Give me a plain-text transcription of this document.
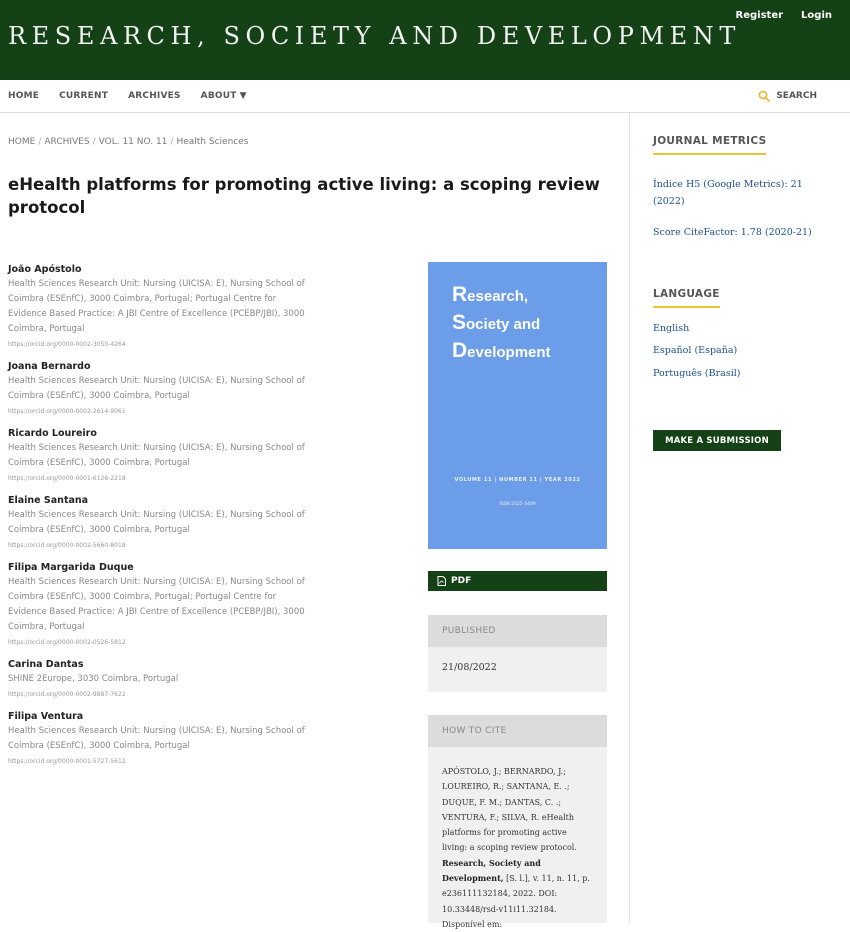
RESEARCH, SOCIETY AND DEVELOPMENT
Register Login
HOME CURRENT ARCHIVES ABOUT ▼	SEARCH
HOME / ARCHIVES / VOL. 11 NO. 11 / Health Sciences
eHealth platforms for promoting active living: a scoping review protocol
João Apóstolo
Health Sciences Research Unit: Nursing (UICISA: E), Nursing School of Coimbra (ESEnfC), 3000 Coimbra, Portugal; Portugal Centre for Evidence Based Practice: A JBI Centre of Excellence (PCEBP/JBI), 3000 Coimbra, Portugal
https://orcid.org/0000-0002-3050-4264
Joana Bernardo
Health Sciences Research Unit: Nursing (UICISA: E), Nursing School of Coimbra (ESEnfC), 3000 Coimbra, Portugal
https://orcid.org/0000-0002-2614-9061
Ricardo Loureiro
Health Sciences Research Unit: Nursing (UICISA: E), Nursing School of Coimbra (ESEnfC), 3000 Coimbra, Portugal
https://orcid.org/0000-0001-6126-2218
Elaine Santana
Health Sciences Research Unit: Nursing (UICISA: E), Nursing School of Coimbra (ESEnfC), 3000 Coimbra, Portugal
https://orcid.org/0000-0002-5660-8018
Filipa Margarida Duque
Health Sciences Research Unit: Nursing (UICISA: E), Nursing School of Coimbra (ESEnfC), 3000 Coimbra, Portugal; Portugal Centre for Evidence Based Practice: A JBI Centre of Excellence (PCEBP/JBI), 3000 Coimbra, Portugal
https://orcid.org/0000-0002-0526-5812
Carina Dantas
SHINE 2Europe, 3030 Coimbra, Portugal
https://orcid.org/0000-0002-9887-7622
Filipa Ventura
Health Sciences Research Unit: Nursing (UICISA: E), Nursing School of Coimbra (ESEnfC), 3000 Coimbra, Portugal
https://orcid.org/0000-0001-5727-5612
Research,
Society and
Development
VOLUME 11 | NUMBER 11 | YEAR 2022
ISSN 2525-3409
PDF
PUBLISHED
21/08/2022
HOW TO CITE
APÓSTOLO, J.; BERNARDO, J.; LOUREIRO, R.; SANTANA, E. .; DUQUE, F. M.; DANTAS, C. .; VENTURA, F.; SILVA, R. eHealth platforms for promoting active living: a scoping review protocol. Research, Society and Development, [S. l.], v. 11, n. 11, p. e236111132184, 2022. DOI: 10.33448/rsd-v11i11.32184. Disponível em:
JOURNAL METRICS
Índice H5 (Google Metrics): 21 (2022)
Score CiteFactor: 1.78 (2020-21)
LANGUAGE
English
Español (España)
Português (Brasil)
MAKE A SUBMISSION
